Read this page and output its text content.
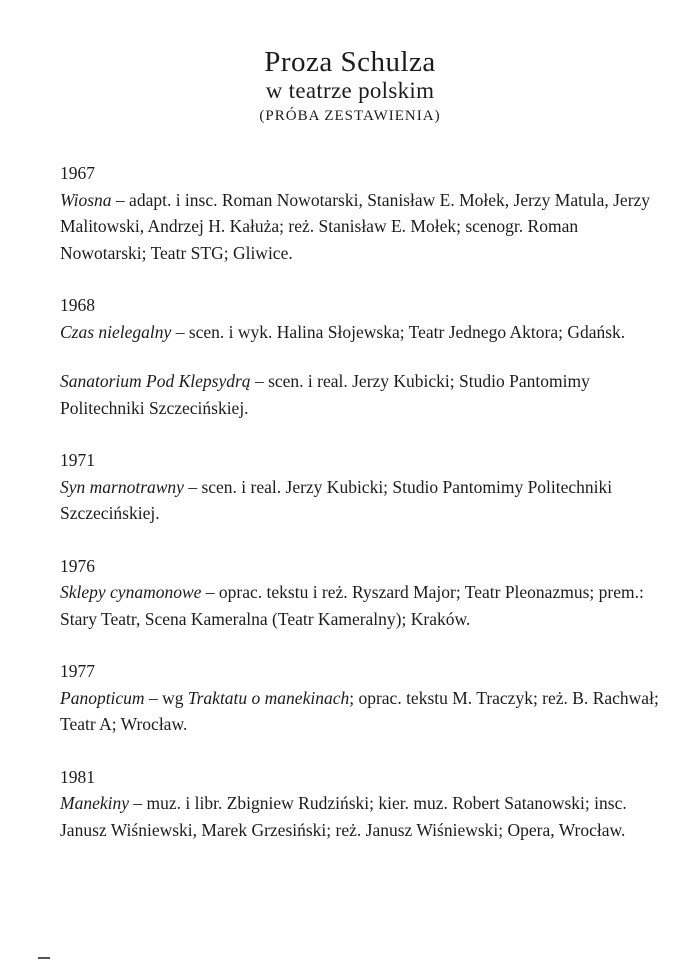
Proza Schulza
w teatrze polskim
(PRÓBA ZESTAWIENIA)
1967
Wiosna – adapt. i insc. Roman Nowotarski, Stanisław E. Mołek, Jerzy Matula, Jerzy Malitowski, Andrzej H. Kałuża; reż. Stanisław E. Mołek; scenogr. Roman Nowotarski; Teatr STG; Gliwice.
1968
Czas nielegalny – scen. i wyk. Halina Słojewska; Teatr Jednego Aktora; Gdańsk.
Sanatorium Pod Klepsydrą – scen. i real. Jerzy Kubicki; Studio Pantomimy Politechniki Szczecińskiej.
1971
Syn marnotrawny – scen. i real. Jerzy Kubicki; Studio Pantomimy Politechniki Szczecińskiej.
1976
Sklepy cynamonowe – oprac. tekstu i reż. Ryszard Major; Teatr Pleonazmus; prem.: Stary Teatr, Scena Kameralna (Teatr Kameralny); Kraków.
1977
Panopticum – wg Traktatu o manekinach; oprac. tekstu M. Traczyk; reż. B. Rachwał; Teatr A; Wrocław.
1981
Manekiny – muz. i libr. Zbigniew Rudziński; kier. muz. Robert Satanowski; insc. Janusz Wiśniewski, Marek Grzesiński; reż. Janusz Wiśniewski; Opera, Wrocław.
